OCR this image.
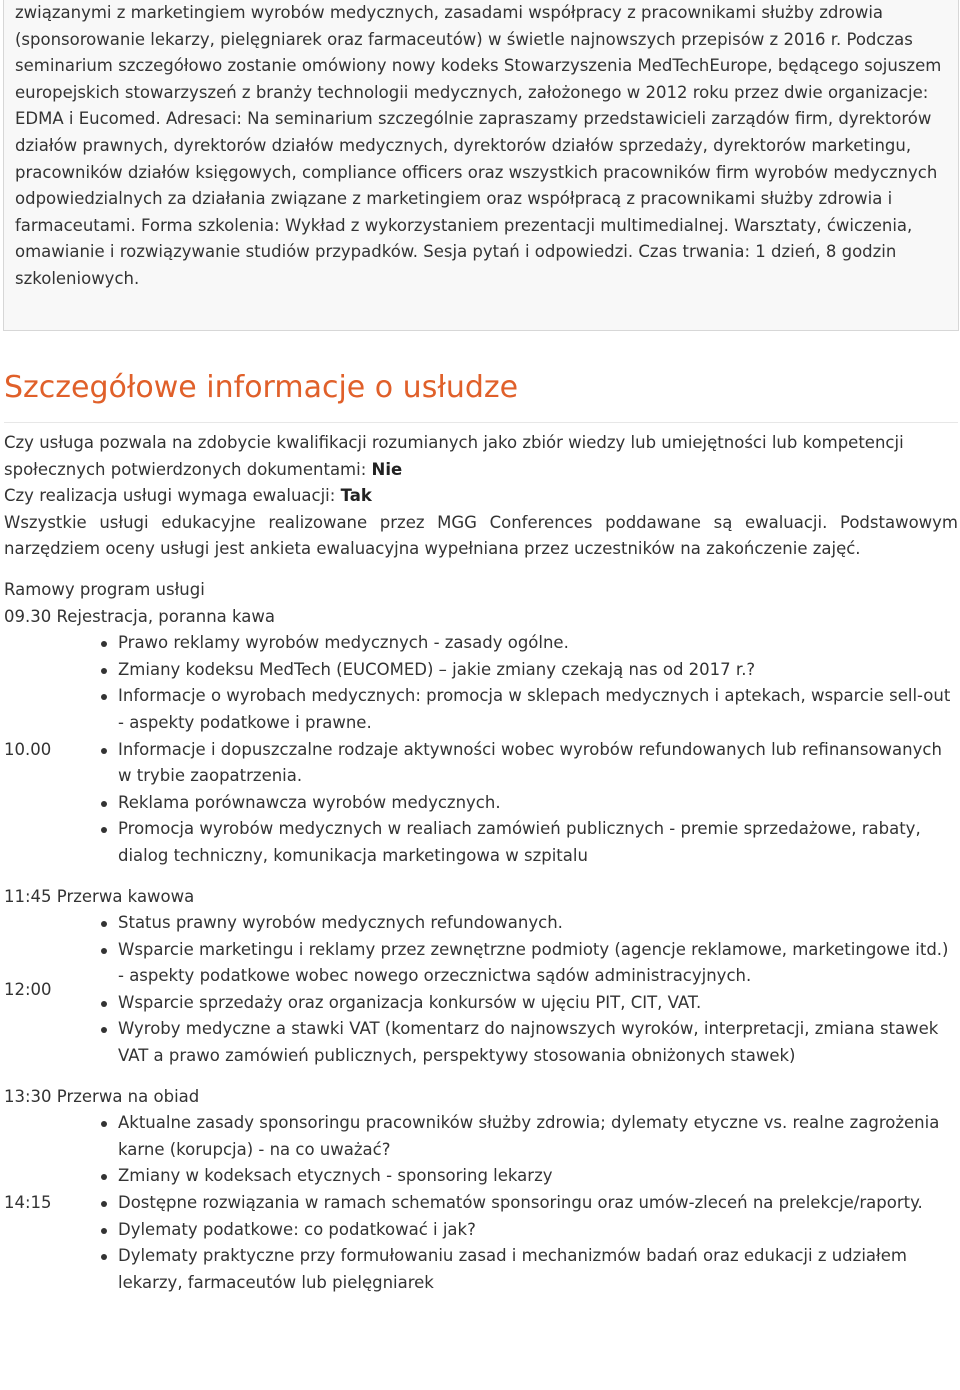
związanymi z marketingiem wyrobów medycznych, zasadami współpracy z pracownikami służby zdrowia (sponsorowanie lekarzy, pielęgniarek oraz farmaceutów) w świetle najnowszych przepisów z 2016 r. Podczas seminarium szczegółowo zostanie omówiony nowy kodeks Stowarzyszenia MedTechEurope, będącego sojuszem europejskich stowarzyszeń z branży technologii medycznych, założonego w 2012 roku przez dwie organizacje: EDMA i Eucomed. Adresaci: Na seminarium szczególnie zapraszamy przedstawicieli zarządów firm, dyrektorów działów prawnych, dyrektorów działów medycznych, dyrektorów działów sprzedaży, dyrektorów marketingu, pracowników działów księgowych, compliance officers oraz wszystkich pracowników firm wyrobów medycznych odpowiedzialnych za działania związane z marketingiem oraz współpracą z pracownikami służby zdrowia i farmaceutami. Forma szkolenia: Wykład z wykorzystaniem prezentacji multimedialnej. Warsztaty, ćwiczenia, omawianie i rozwiązywanie studiów przypadków. Sesja pytań i odpowiedzi. Czas trwania: 1 dzień, 8 godzin szkoleniowych.

Szczegółowe informacje o usłudze

Czy usługa pozwala na zdobycie kwalifikacji rozumianych jako zbiór wiedzy lub umiejętności lub kompetencji społecznych potwierdzonych dokumentami: Nie

Czy realizacja usługi wymaga ewaluacji: Tak

Wszystkie usługi edukacyjne realizowane przez MGG Conferences poddawane są ewaluacji. Podstawowym narzędziem oceny usługi jest ankieta ewaluacyjna wypełniana przez uczestników na zakończenie zajęć.

Ramowy program usługi

09.30 Rejestracja, poranna kawa
10.00
Prawo reklamy wyrobów medycznych - zasady ogólne.
Zmiany kodeksu MedTech (EUCOMED) – jakie zmiany czekają nas od 2017 r.?
Informacje o wyrobach medycznych: promocja w sklepach medycznych i aptekach, wsparcie sell-out - aspekty podatkowe i prawne.
Informacje i dopuszczalne rodzaje aktywności wobec wyrobów refundowanych lub refinansowanych w trybie zaopatrzenia.
Reklama porównawcza wyrobów medycznych.
Promocja wyrobów medycznych w realiach zamówień publicznych - premie sprzedażowe, rabaty, dialog techniczny, komunikacja marketingowa w szpitalu
11:45 Przerwa kawowa
12:00
Status prawny wyrobów medycznych refundowanych.
Wsparcie marketingu i reklamy przez zewnętrzne podmioty (agencje reklamowe, marketingowe itd.) - aspekty podatkowe wobec nowego orzecznictwa sądów administracyjnych.
Wsparcie sprzedaży oraz organizacja konkursów w ujęciu PIT, CIT, VAT.
Wyroby medyczne a stawki VAT (komentarz do najnowszych wyroków, interpretacji, zmiana stawek VAT a prawo zamówień publicznych, perspektywy stosowania obniżonych stawek)
13:30 Przerwa na obiad
14:15
Aktualne zasady sponsoringu pracowników służby zdrowia; dylematy etyczne vs. realne zagrożenia karne (korupcja) - na co uważać?
Zmiany w kodeksach etycznych - sponsoring lekarzy
Dostępne rozwiązania w ramach schematów sponsoringu oraz umów-zleceń na prelekcje/raporty.
Dylematy podatkowe: co podatkować i jak?
Dylematy praktyczne przy formułowaniu zasad i mechanizmów badań oraz edukacji z udziałem lekarzy, farmaceutów lub pielęgniarek
